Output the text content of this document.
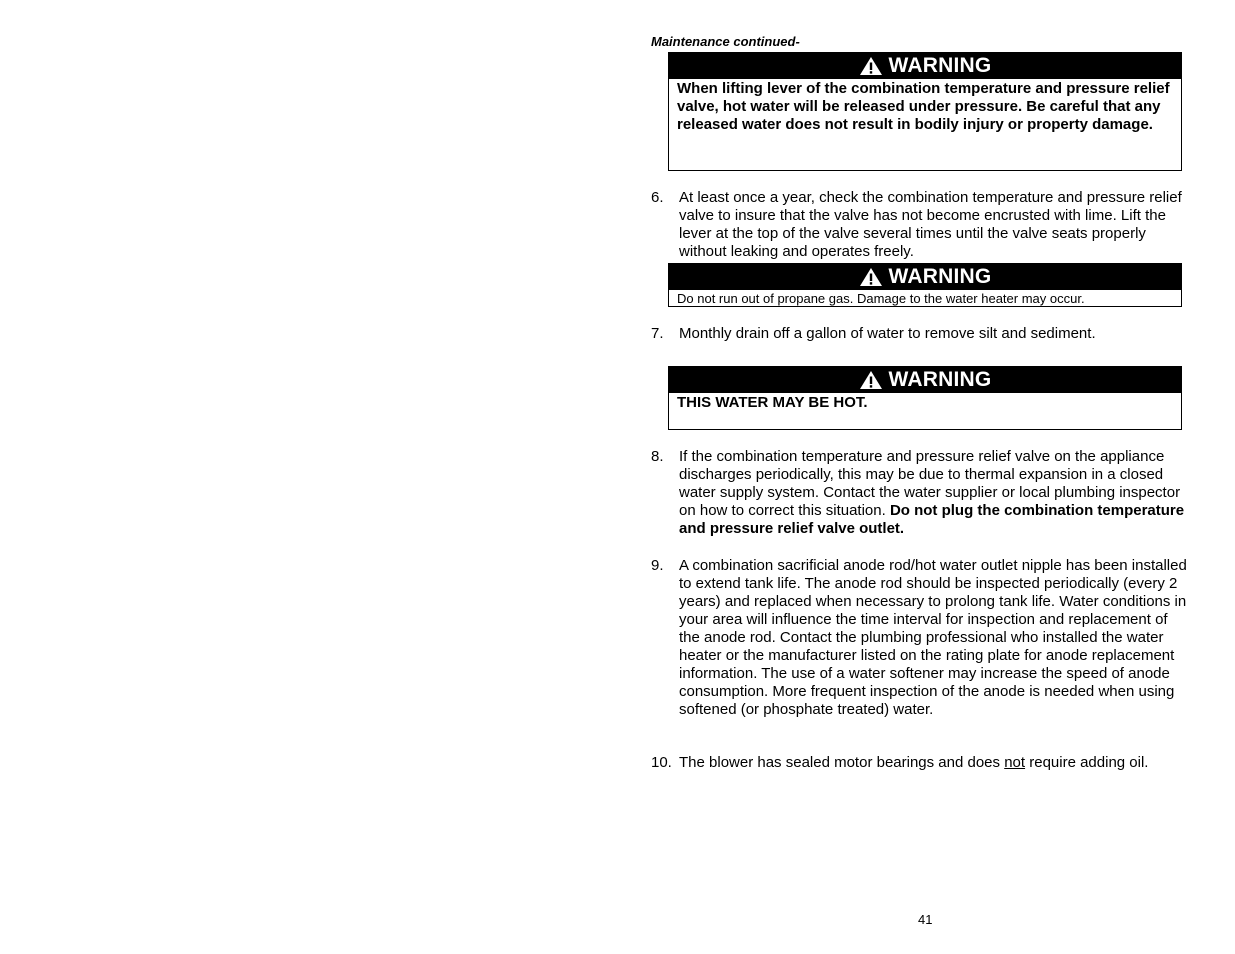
Maintenance continued-
WARNING
When lifting lever of the combination temperature and pressure relief valve, hot water will be released under pressure. Be careful that any released water does not result in bodily injury or property damage.
6. At least once a year, check the combination temperature and pressure relief valve to insure that the valve has not become encrusted with lime. Lift the lever at the top of the valve several times until the valve seats properly without leaking and operates freely.
WARNING
Do not run out of propane gas. Damage to the water heater may occur.
7. Monthly drain off a gallon of water to remove silt and sediment.
WARNING
THIS WATER MAY BE HOT.
8. If the combination temperature and pressure relief valve on the appliance discharges periodically, this may be due to thermal expansion in a closed water supply system. Contact the water supplier or local plumbing inspector on how to correct this situation. Do not plug the combination temperature and pressure relief valve outlet.
9. A combination sacrificial anode rod/hot water outlet nipple has been installed to extend tank life. The anode rod should be inspected periodically (every 2 years) and replaced when necessary to prolong tank life. Water conditions in your area will influence the time interval for inspection and replacement of the anode rod. Contact the plumbing professional who installed the water heater or the manufacturer listed on the rating plate for anode replacement information. The use of a water softener may increase the speed of anode consumption. More frequent inspection of the anode is needed when using softened (or phosphate treated) water.
10. The blower has sealed motor bearings and does not require adding oil.
41
